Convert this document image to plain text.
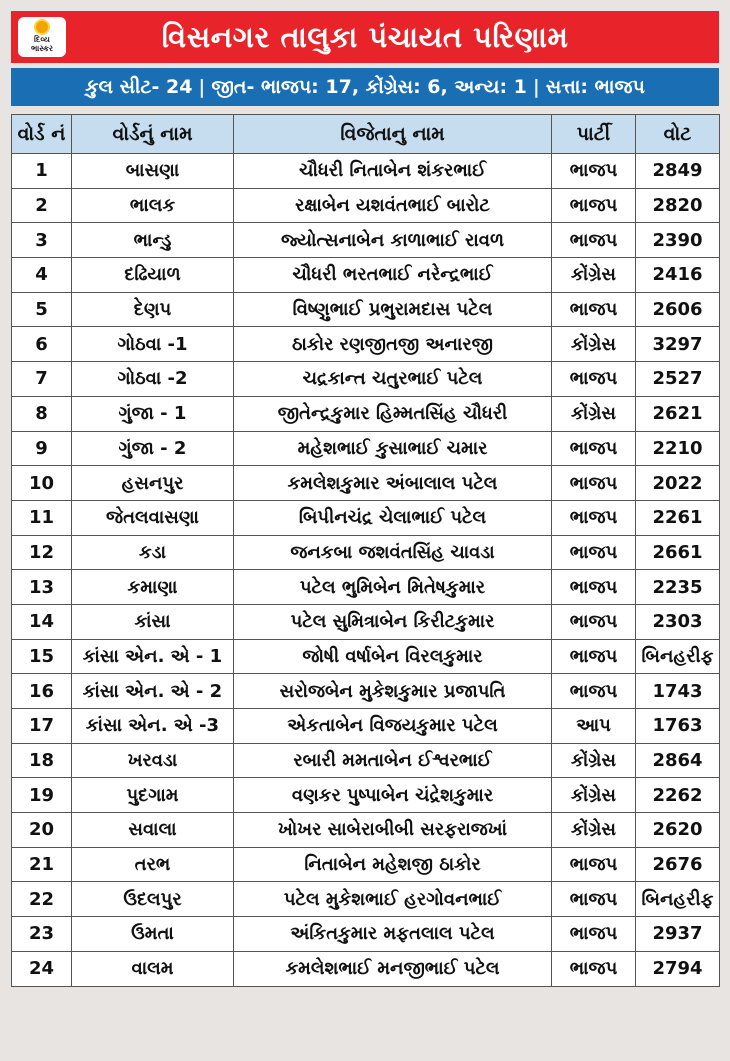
દિવ્ય
ભાસ્કર	વિસનગર તાલુકા પંચાયત પરિણામ
કુલ સીટ- 24 | જીત- ભાજપ: 17, કોંગ્રેસ: 6, અન્ય: 1 | સત્તા: ભાજપ
વોર્ડ નં	વોર્ડનું નામ	વિજેતાનુ નામ	પાર્ટી	વોટ
1	બાસણા	ચૌધરી નિતાબેન શંકરભાઈ	ભાજપ	2849
2	ભાલક	રક્ષાબેન યશવંતભાઈ બારોટ	ભાજપ	2820
3	ભાન્ડુ	જ્યોત્સનાબેન કાળાભાઈ રાવળ	ભાજપ	2390
4	દઢિયાળ	ચૌધરી ભરતભાઈ નરેન્દ્રભાઈ	કોંગ્રેસ	2416
5	દેણપ	વિષ્ણુભાઈ પ્રભુરામદાસ પટેલ	ભાજપ	2606
6	ગોઠવા -1	ઠાકોર રણજીતજી અનારજી	કોંગ્રેસ	3297
7	ગોઠવા -2	ચદ્રકાન્ત ચતુરભાઈ પટેલ	ભાજપ	2527
8	ગુંજા - 1	જીતેન્દ્રકુમાર હિમ્મતસિંહ ચૌધરી	કોંગ્રેસ	2621
9	ગુંજા - 2	મહેશભાઈ કુસાભાઈ ચમાર	ભાજપ	2210
10	હસનપુર	કમલેશકુમાર અંબાલાલ પટેલ	ભાજપ	2022
11	જેતલવાસણા	બિપીનચંદ્ર ચેલાભાઈ પટેલ	ભાજપ	2261
12	કડા	જનકબા જશવંતસિંહ ચાવડા	ભાજપ	2661
13	કમાણા	પટેલ ભુમિબેન મિતેષકુમાર	ભાજપ	2235
14	કાંસા	પટેલ સુમિત્રાબેન કિરીટકુમાર	ભાજપ	2303
15	કાંસા એન. એ - 1	જોષી વર્ષાબેન વિરલકુમાર	ભાજપ	બિનહરીફ
16	કાંસા એન. એ - 2	સરોજબેન મુકેશકુમાર પ્રજાપતિ	ભાજપ	1743
17	કાંસા એન. એ -3	એકતાબેન વિજયકુમાર પટેલ	આપ	1763
18	ખરવડા	રબારી મમતાબેન ઈશ્વરભાઈ	કોંગ્રેસ	2864
19	પુદગામ	વણકર પુષ્પાબેન ચંદ્રેશકુમાર	કોંગ્રેસ	2262
20	સવાલા	ખોખર સાબેરાબીબી સરફરાજખાં	કોંગ્રેસ	2620
21	તરભ	નિતાબેન મહેશજી ઠાકોર	ભાજપ	2676
22	ઉદલપુર	પટેલ મુકેશભાઈ હરગોવનભાઈ	ભાજપ	બિનહરીફ
23	ઉમતા	અંકિતકુમાર મફતલાલ પટેલ	ભાજપ	2937
24	વાલમ	કમલેશભાઈ મનજીભાઈ પટેલ	ભાજપ	2794
